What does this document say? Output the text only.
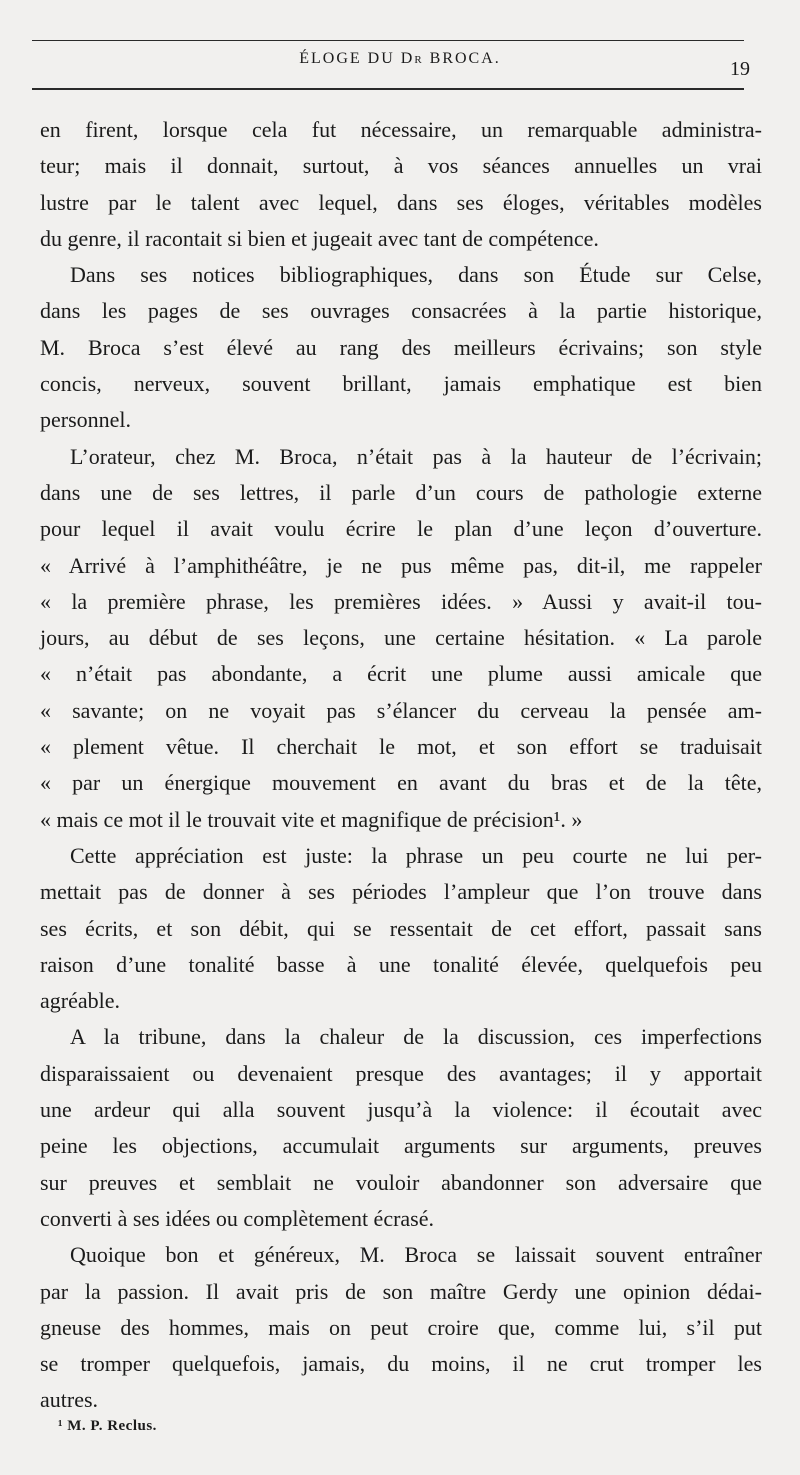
ÉLOGE DU Dr BROCA.	19

en firent, lorsque cela fut nécessaire, un remarquable administra-
teur; mais il donnait, surtout, à vos séances annuelles un vrai
lustre par le talent avec lequel, dans ses éloges, véritables modèles
du genre, il racontait si bien et jugeait avec tant de compétence.

Dans ses notices bibliographiques, dans son Étude sur Celse,
dans les pages de ses ouvrages consacrées à la partie historique,
M. Broca s’est élevé au rang des meilleurs écrivains; son style
concis, nerveux, souvent brillant, jamais emphatique est bien
personnel.

L’orateur, chez M. Broca, n’était pas à la hauteur de l’écrivain;
dans une de ses lettres, il parle d’un cours de pathologie externe
pour lequel il avait voulu écrire le plan d’une leçon d’ouverture.
« Arrivé à l’amphithéâtre, je ne pus même pas, dit-il, me rappeler
« la première phrase, les premières idées. » Aussi y avait-il tou-
jours, au début de ses leçons, une certaine hésitation. « La parole
« n’était pas abondante, a écrit une plume aussi amicale que
« savante; on ne voyait pas s’élancer du cerveau la pensée am-
« plement vêtue. Il cherchait le mot, et son effort se traduisait
« par un énergique mouvement en avant du bras et de la tête,
« mais ce mot il le trouvait vite et magnifique de précision¹. »

Cette appréciation est juste: la phrase un peu courte ne lui per-
mettait pas de donner à ses périodes l’ampleur que l’on trouve dans
ses écrits, et son débit, qui se ressentait de cet effort, passait sans
raison d’une tonalité basse à une tonalité élevée, quelquefois peu
agréable.

A la tribune, dans la chaleur de la discussion, ces imperfections
disparaissaient ou devenaient presque des avantages; il y apportait
une ardeur qui alla souvent jusqu’à la violence: il écoutait avec
peine les objections, accumulait arguments sur arguments, preuves
sur preuves et semblait ne vouloir abandonner son adversaire que
converti à ses idées ou complètement écrasé.

Quoique bon et généreux, M. Broca se laissait souvent entraîner
par la passion. Il avait pris de son maître Gerdy une opinion dédai-
gneuse des hommes, mais on peut croire que, comme lui, s’il put
se tromper quelquefois, jamais, du moins, il ne crut tromper les
autres.

¹ M. P. Reclus.
